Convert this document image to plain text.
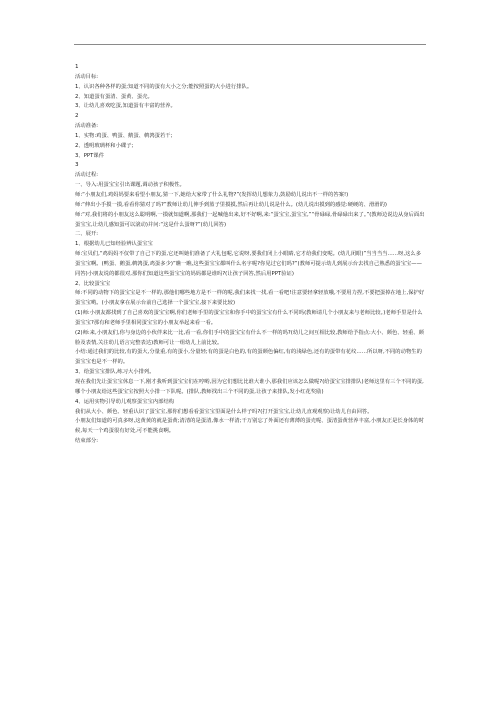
1

活动目标:

1、认识各种各样的蛋;知道不同的蛋有大小之分;能按照蛋的大小进行排队。

2、知道蛋有蛋清、蛋黄、蛋壳。

3、让幼儿喜欢吃蛋,知道蛋有丰富的营养。

2

活动准备:

1、实物:鸡蛋、鸭蛋、鹅蛋、鹌鹑蛋若干;

2、透明玻璃杯和小碟子;

3、PPT课件

3

活动过程:

一、导入:用蛋宝宝引出课题,调动孩子积极性。

师:“小朋友们,鸡妈妈要来看望小朋友,猜一下,她给大家带了什么礼物?”(发挥幼儿想象力,鼓励幼儿说出不一样的答案!)

师:“伸出小手摸一摸,看看你猜对了吗?”教师让幼儿伸手到篮子里摸摸,然后再让幼儿说是什么。(幼儿说出摸到的感觉:硬硬的、滑滑的)

师:“对,我们将的小朋友这么聪明啊,一摸就知道啊,那我们一起喊他出来,好不好啊,来:“蛋宝宝,蛋宝宝,”“骨碌碌,骨碌碌出来了。”(教师边说边从身后面出蛋宝宝,让幼儿感知蛋可以滚动)并问:“这是什么蛋呀?”(幼儿回答)

二、展开:

1、根据幼儿已知经验辨认蛋宝宝

师:宝贝们,“鸡妈妈不仅带了自己下的蛋,它还叫她们准备了大礼包呢,它说呀,要我们闭上小眼睛,它才给我们变呢。(幼儿闭眼)”当当当当……呀,这么多蛋宝宝啊。(鸭蛋、鹅蛋,鹌鹑蛋,鸡蛋多少)”瞧一瞧,这些蛋宝宝都叫什么名字呢?你见过它们吗?”(教师可提示幼儿到展示台去找自己熟悉的蛋宝宝——同答)小朋友说的都很对,那你们知道这些蛋宝宝的妈妈都是谁吗?(让孩子回答,然后用PPT验证)

2、比较蛋宝宝

师:不同的动物下的蛋宝宝是不一样的,那他们哪些地方是不一样的呢,我们来找一找,看一看吧!注意要轻拿轻放哦,不要用力捏,不要把蛋掉在地上,保护好蛋宝宝哟。(小朋友拿在展示台前自己选择一个蛋宝宝,接下来要比较)

(1)师:小朋友都找到了自己喜欢的蛋宝宝啊,你们老师手里的蛋宝宝和你手中的蛋宝宝有什么不同吗(教师请几个小朋友来与老师比较。)老师手里是什么蛋宝宝?那有和老师手里相同蛋宝宝的小朋友举起来看一看。

(2)师:来,小朋友们,你与身边的小伙伴来比一比,看一看,你们手中的蛋宝宝有什么不一样的吗?(幼儿之间互相比较,教师给予指点:大小、颜色、轻重、颜脸及表情,关注幼儿语言完整表达)教师可让一组幼儿上前比较。

小结:通过我们的比较,有的蛋大,分量重,有的蛋小,分量轻;有的蛋是白色的,有的蛋颜色偏红,有的浅绿色,还有的蛋带有花纹……所以呀,不同的动物生的蛋宝宝也是不一样的。

3、给蛋宝宝排队,练习大小排列。

现在我们先让蛋宝宝休息一下,刚才我听到蛋宝宝们在哼哟,因为它们想比比谁大谁小,那我们应该怎么做呢?(给蛋宝宝排排队)老师这里有三个不同的蛋,哪个小朋友给这些蛋宝宝按照大小排一下队呢。(排队,教师找出三个不同的蛋,让孩子来排队,发小红花奖励)

4、运用实物引导幼儿观察蛋宝宝内部结构

我们从大小、颜色、轻重认识了蛋宝宝,那你们想看看蛋宝宝里面是什么样子吗?(打开蛋宝宝,让幼儿直观观察)让幼儿自由回答。

小朋友们知道的可真多呀,这黄黄的就是蛋黄;清清的是蛋清,像水一样清;干万别忘了外面还有薄薄的蛋壳呢、蛋清蛋黄营养丰富,小朋友正是长身体的时候,每天一个鸡蛋很有好处,可不能挑食啊。

结束部分:
